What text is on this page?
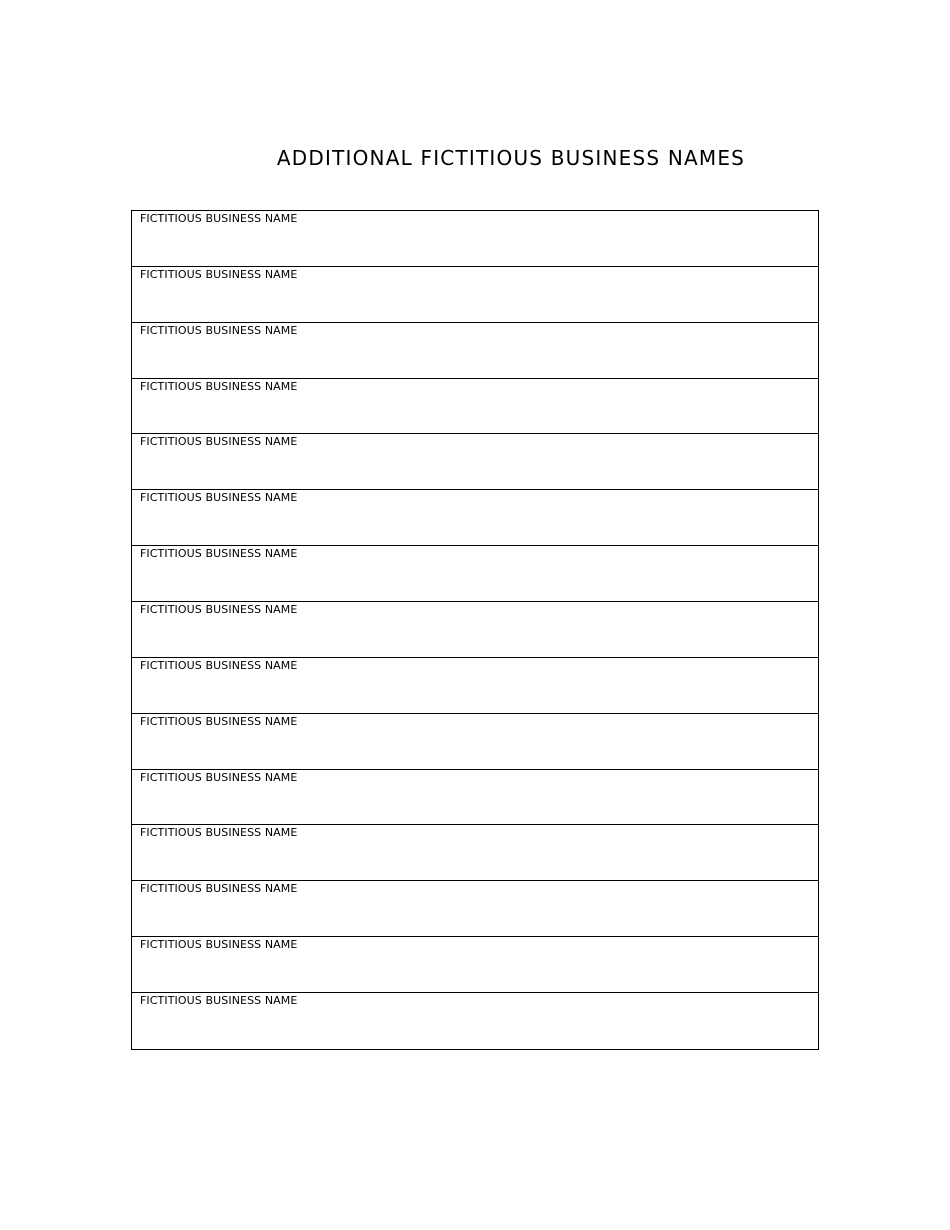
ADDITIONAL FICTITIOUS BUSINESS NAMES
FICTITIOUS BUSINESS NAME
FICTITIOUS BUSINESS NAME
FICTITIOUS BUSINESS NAME
FICTITIOUS BUSINESS NAME
FICTITIOUS BUSINESS NAME
FICTITIOUS BUSINESS NAME
FICTITIOUS BUSINESS NAME
FICTITIOUS BUSINESS NAME
FICTITIOUS BUSINESS NAME
FICTITIOUS BUSINESS NAME
FICTITIOUS BUSINESS NAME
FICTITIOUS BUSINESS NAME
FICTITIOUS BUSINESS NAME
FICTITIOUS BUSINESS NAME
FICTITIOUS BUSINESS NAME
